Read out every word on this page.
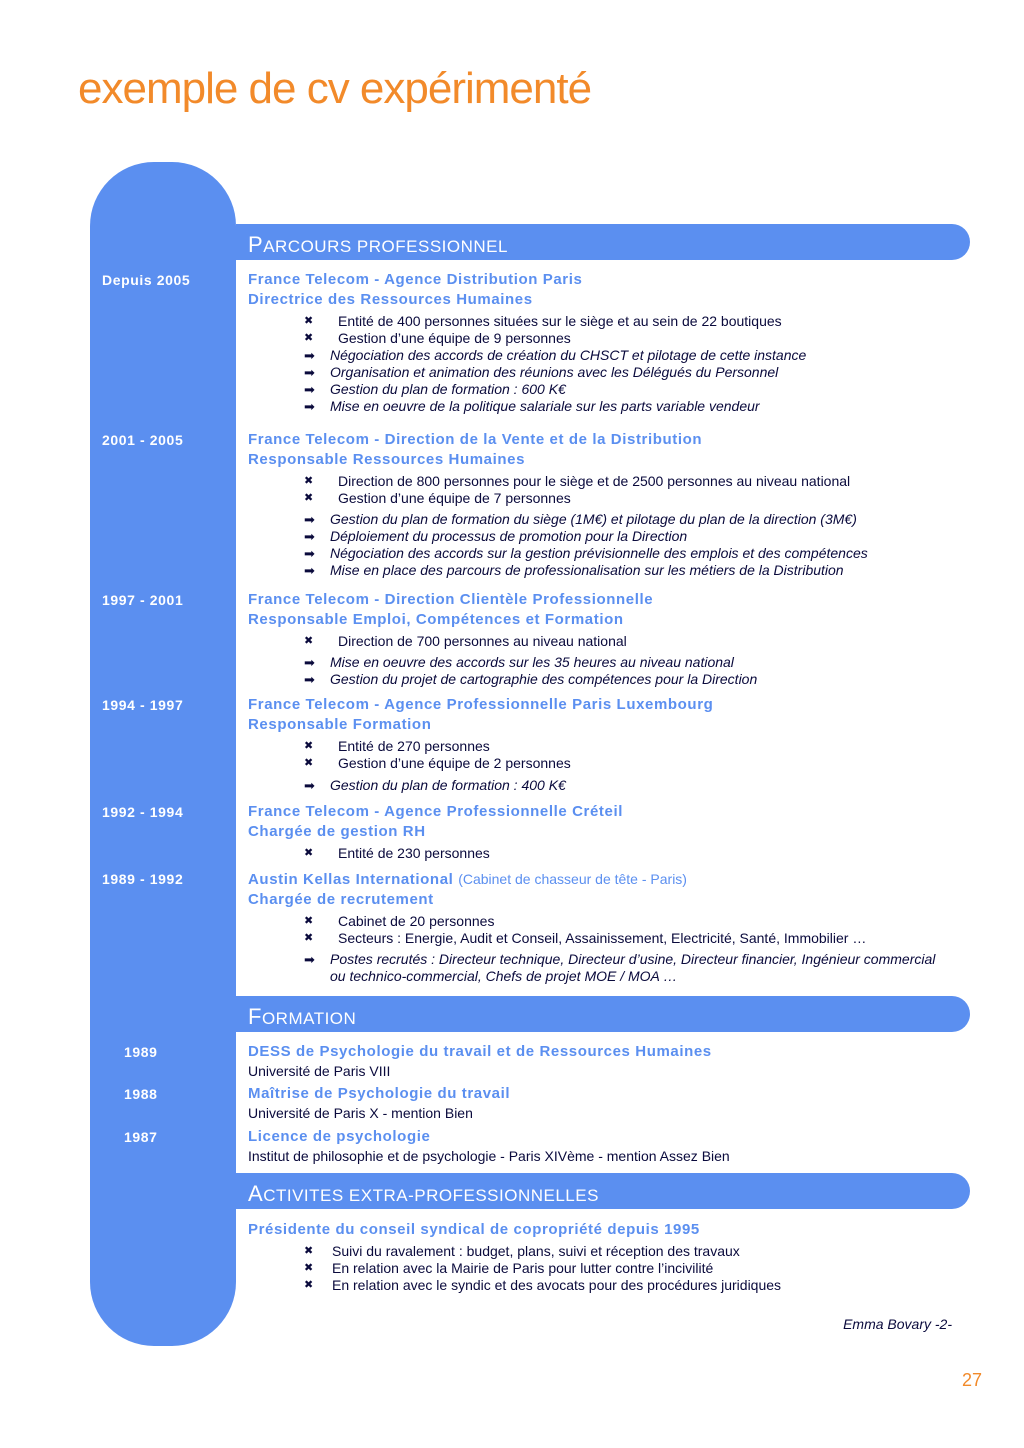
exemple de cv expérimenté
PARCOURS PROFESSIONNEL
Depuis 2005	France Telecom - Agence Distribution Paris
Directrice des Ressources Humaines
✖ Entité de 400 personnes situées sur le siège et au sein de 22 boutiques
✖ Gestion d’une équipe de 9 personnes
➡ Négociation des accords de création du CHSCT et pilotage de cette instance
➡ Organisation et animation des réunions avec les Délégués du Personnel
➡ Gestion du plan de formation : 600 K€
➡ Mise en oeuvre de la politique salariale sur les parts variable vendeur
2001 - 2005	France Telecom - Direction de la Vente et de la Distribution
Responsable Ressources Humaines
✖ Direction de 800 personnes pour le siège et de 2500 personnes au niveau national
✖ Gestion d’une équipe de 7 personnes
➡ Gestion du plan de formation du siège (1M€) et pilotage du plan de la direction (3M€)
➡ Déploiement du processus de promotion pour la Direction
➡ Négociation des accords sur la gestion prévisionnelle des emplois et des compétences
➡ Mise en place des parcours de professionalisation sur les métiers de la Distribution
1997 - 2001	France Telecom - Direction Clientèle Professionnelle
Responsable Emploi, Compétences et Formation
✖ Direction de 700 personnes au niveau national
➡ Mise en oeuvre des accords sur les 35 heures au niveau national
➡ Gestion du projet de cartographie des compétences pour la Direction
1994 - 1997	France Telecom - Agence Professionnelle Paris Luxembourg
Responsable Formation
✖ Entité de 270 personnes
✖ Gestion d’une équipe de 2 personnes
➡ Gestion du plan de formation : 400 K€
1992 - 1994	France Telecom - Agence Professionnelle Créteil
Chargée de gestion RH
✖ Entité de 230 personnes
1989 - 1992	Austin Kellas International (Cabinet de chasseur de tête - Paris)
Chargée de recrutement
✖ Cabinet de 20 personnes
✖ Secteurs : Energie, Audit et Conseil, Assainissement, Electricité, Santé, Immobilier …
➡ Postes recrutés : Directeur technique, Directeur d’usine, Directeur financier, Ingénieur commercial ou technico-commercial, Chefs de projet MOE / MOA …
FORMATION
1989	DESS de Psychologie du travail et de Ressources Humaines
Université de Paris VIII
1988	Maîtrise de Psychologie du travail
Université de Paris X - mention Bien
1987	Licence de psychologie
Institut de philosophie et de psychologie - Paris XIVème - mention Assez Bien
ACTIVITES EXTRA-PROFESSIONNELLES
Présidente du conseil syndical de copropriété depuis 1995
✖ Suivi du ravalement : budget, plans, suivi et réception des travaux
✖ En relation avec la Mairie de Paris pour lutter contre l’incivilité
✖ En relation avec le syndic et des avocats pour des procédures juridiques
Emma Bovary -2-
27
